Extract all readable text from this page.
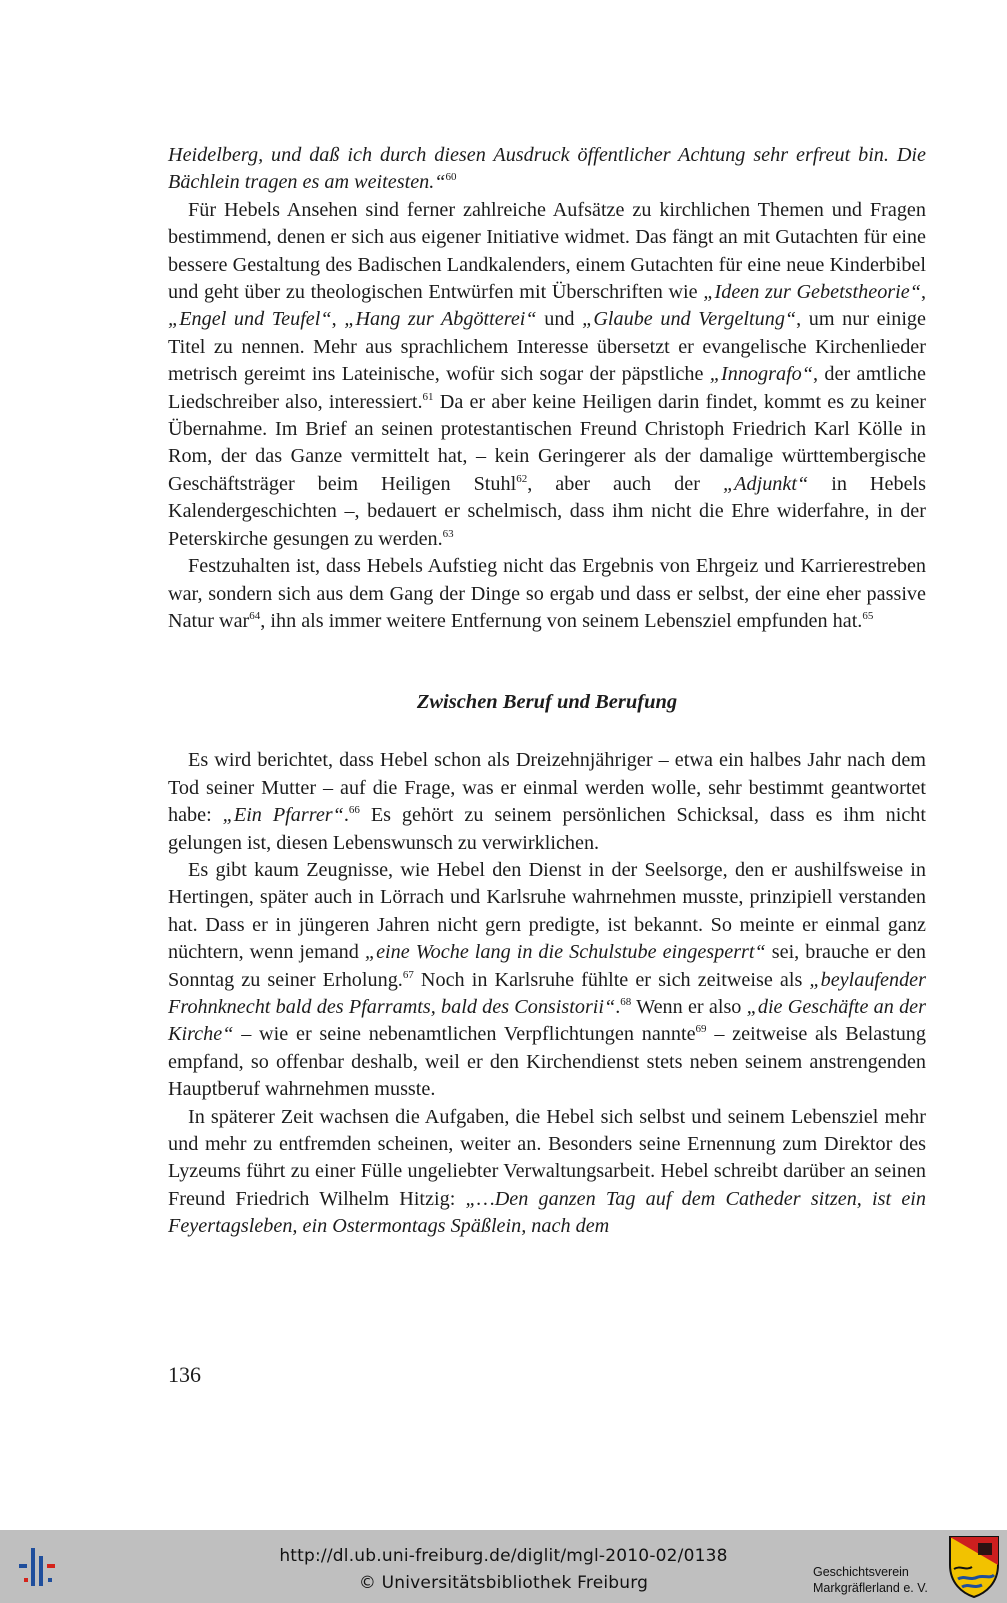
Heidelberg, und daß ich durch diesen Ausdruck öffentlicher Achtung sehr erfreut bin. Die Bächlein tragen es am weitesten.“$^{60}$

Für Hebels Ansehen sind ferner zahlreiche Aufsätze zu kirchlichen Themen und Fragen bestimmend, denen er sich aus eigener Initiative widmet. Das fängt an mit Gutachten für eine bessere Gestaltung des Badischen Landkalenders, einem Gutachten für eine neue Kinderbibel und geht über zu theologischen Entwürfen mit Überschriften wie „Ideen zur Gebetstheorie“, „Engel und Teufel“, „Hang zur Abgötterei“ und „Glaube und Vergeltung“, um nur einige Titel zu nennen. Mehr aus sprachlichem Interesse übersetzt er evangelische Kirchenlieder metrisch gereimt ins Lateinische, wofür sich sogar der päpstliche „Innografo“, der amtliche Liedschreiber also, interessiert.$^{61}$ Da er aber keine Heiligen darin findet, kommt es zu keiner Übernahme. Im Brief an seinen protestantischen Freund Christoph Friedrich Karl Kölle in Rom, der das Ganze vermittelt hat, – kein Geringerer als der damalige württembergische Geschäftsträger beim Heiligen Stuhl$^{62}$, aber auch der „Adjunkt“ in Hebels Kalendergeschichten –, bedauert er schelmisch, dass ihm nicht die Ehre widerfahre, in der Peterskirche gesungen zu werden.$^{63}$

Festzuhalten ist, dass Hebels Aufstieg nicht das Ergebnis von Ehrgeiz und Karrierestreben war, sondern sich aus dem Gang der Dinge so ergab und dass er selbst, der eine eher passive Natur war$^{64}$, ihn als immer weitere Entfernung von seinem Lebensziel empfunden hat.$^{65}$

Zwischen Beruf und Berufung

Es wird berichtet, dass Hebel schon als Dreizehnjähriger – etwa ein halbes Jahr nach dem Tod seiner Mutter – auf die Frage, was er einmal werden wolle, sehr bestimmt geantwortet habe: „Ein Pfarrer“.$^{66}$ Es gehört zu seinem persönlichen Schicksal, dass es ihm nicht gelungen ist, diesen Lebenswunsch zu verwirklichen.

Es gibt kaum Zeugnisse, wie Hebel den Dienst in der Seelsorge, den er aushilfsweise in Hertingen, später auch in Lörrach und Karlsruhe wahrnehmen musste, prinzipiell verstanden hat. Dass er in jüngeren Jahren nicht gern predigte, ist bekannt. So meinte er einmal ganz nüchtern, wenn jemand „eine Woche lang in die Schulstube eingesperrt“ sei, brauche er den Sonntag zu seiner Erholung.$^{67}$ Noch in Karlsruhe fühlte er sich zeitweise als „beylaufender Frohnknecht bald des Pfarramts, bald des Consistorii“.$^{68}$ Wenn er also „die Geschäfte an der Kirche“ – wie er seine nebenamtlichen Verpflichtungen nannte$^{69}$ – zeitweise als Belastung empfand, so offenbar deshalb, weil er den Kirchendienst stets neben seinem anstrengenden Hauptberuf wahrnehmen musste.

In späterer Zeit wachsen die Aufgaben, die Hebel sich selbst und seinem Lebensziel mehr und mehr zu entfremden scheinen, weiter an. Besonders seine Ernennung zum Direktor des Lyzeums führt zu einer Fülle ungeliebter Verwaltungsarbeit. Hebel schreibt darüber an seinen Freund Friedrich Wilhelm Hitzig: „…Den ganzen Tag auf dem Catheder sitzen, ist ein Feyertagsleben, ein Ostermontags Späßlein, nach dem

136
http://dl.ub.uni-freiburg.de/diglit/mgl-2010-02/0138
© Universitätsbibliothek Freiburg
Geschichtsverein
Markgräflerland e. V.
